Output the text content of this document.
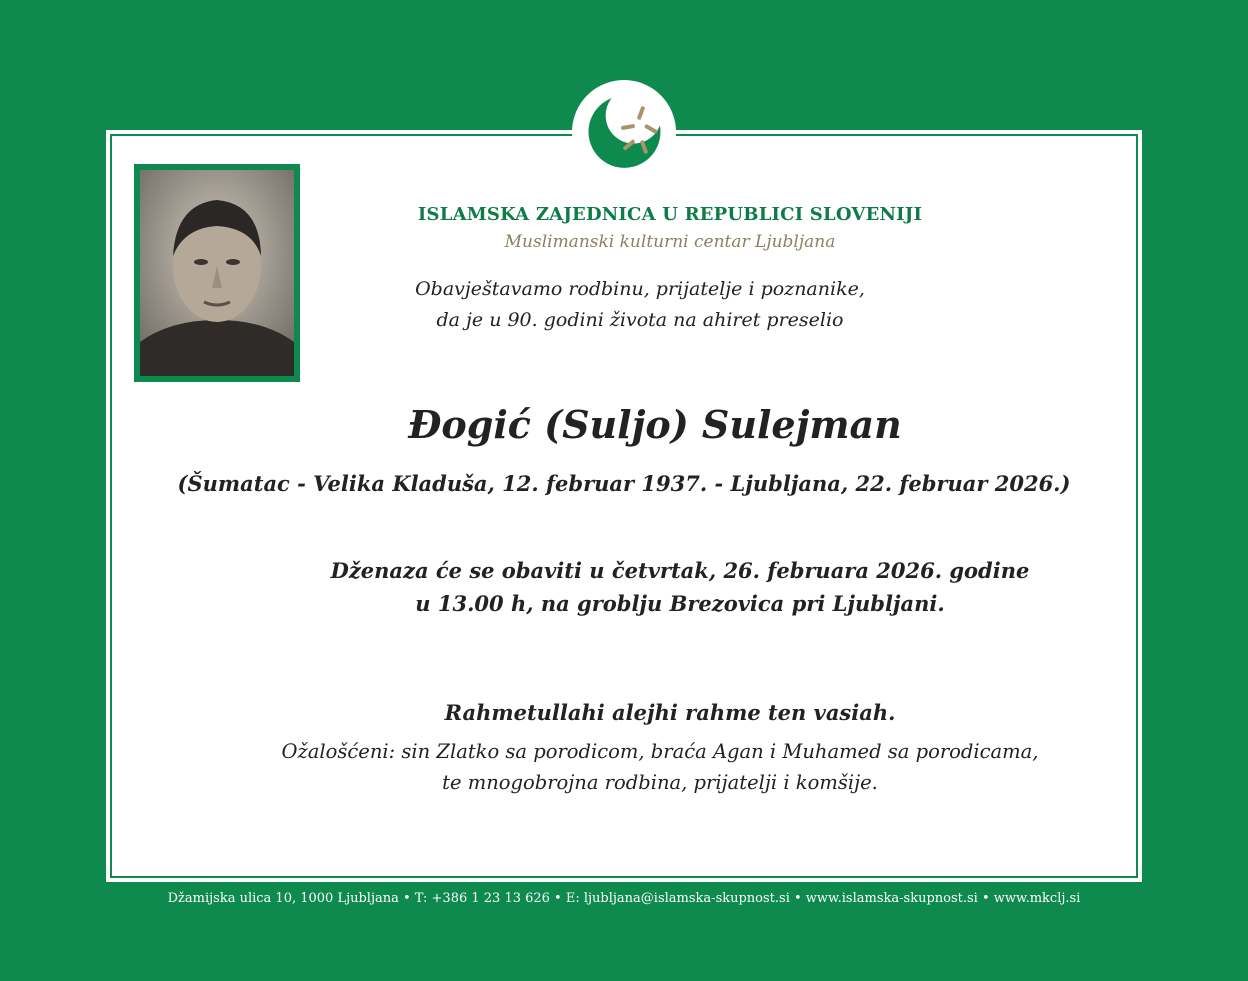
ISLAMSKA ZAJEDNICA U REPUBLICI SLOVENIJI

Muslimanski kulturni centar Ljubljana

Obavještavamo rodbinu, prijatelje i poznanike,

da je u 90. godini života na ahiret preselio

Đogić (Suljo) Sulejman

(Šumatac - Velika Kladuša, 12. februar 1937. - Ljubljana, 22. februar 2026.)

Dženaza će se obaviti u četvrtak, 26. februara 2026. godine

u 13.00 h, na groblju Brezovica pri Ljubljani.

Rahmetullahi alejhi rahme ten vasiah.

Ožalošćeni: sin Zlatko sa porodicom, braća Agan i Muhamed sa porodicama,

te mnogobrojna rodbina, prijatelji i komšije.

Džamijska ulica 10, 1000 Ljubljana • T: +386 1 23 13 626 • E: ljubljana@islamska-skupnost.si • www.islamska-skupnost.si • www.mkclj.si
